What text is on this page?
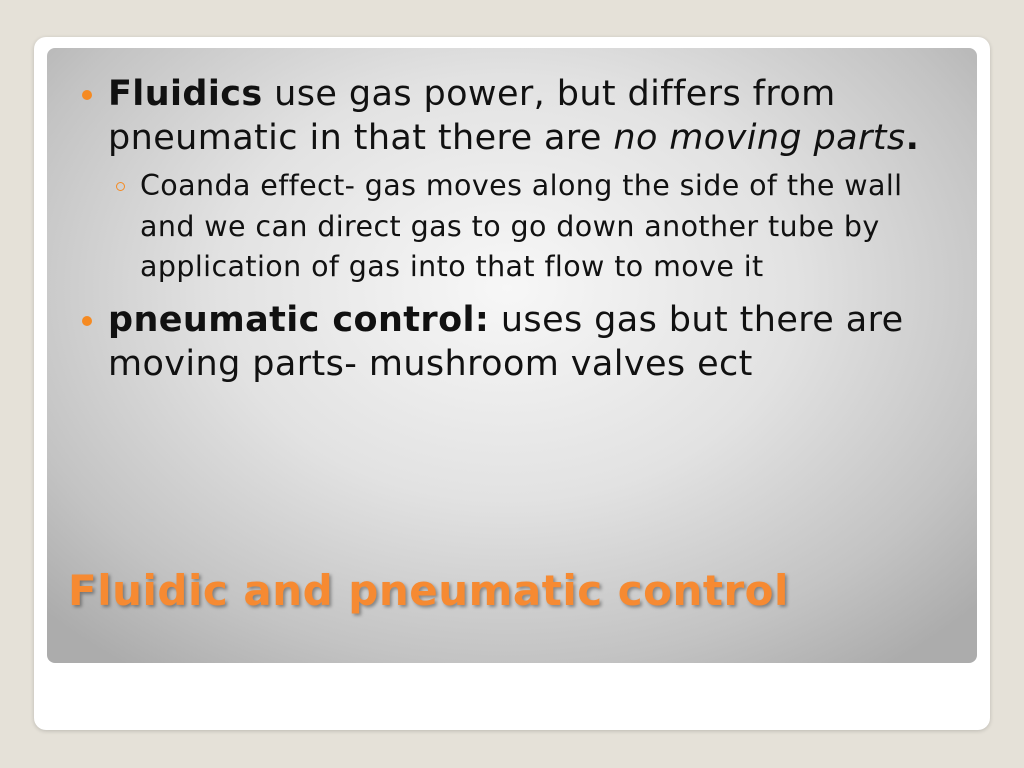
Fluidics use gas power, but differs from pneumatic in that there are no moving parts.
Coanda effect- gas moves along the side of the wall and we can direct gas to go down another tube by application of gas into that flow to move it
pneumatic control: uses gas but there are moving parts- mushroom valves ect
Fluidic and pneumatic control
